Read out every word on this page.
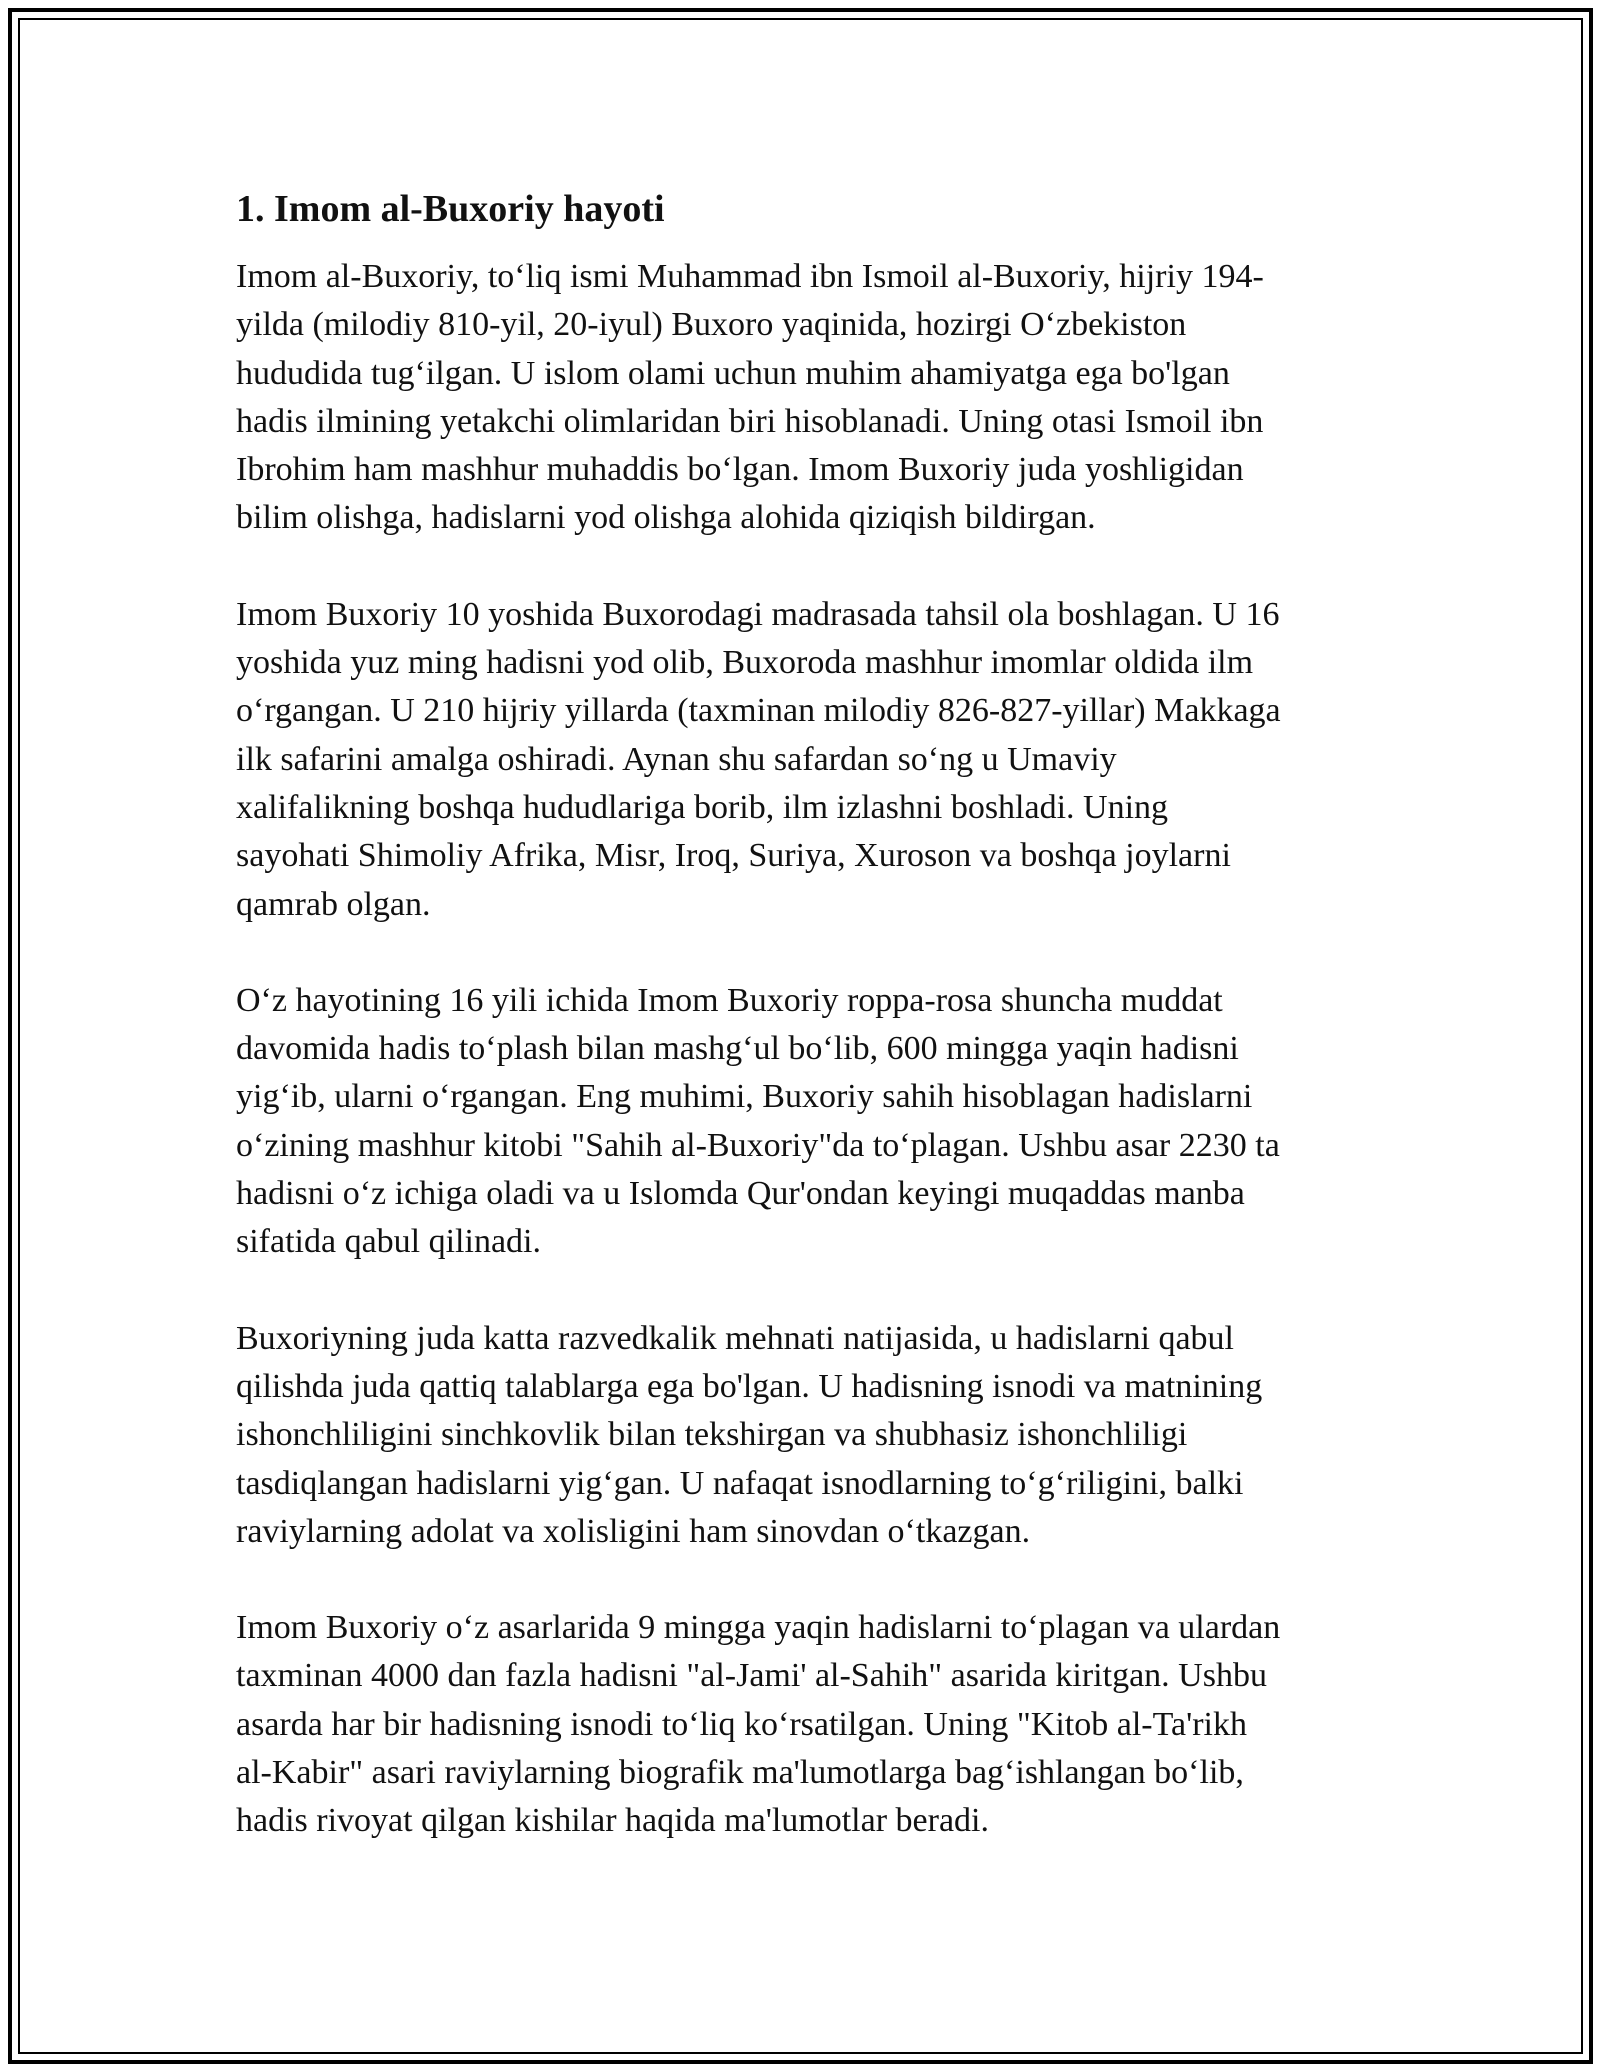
1. Imom al-Buxoriy hayoti

Imom al-Buxoriy, to‘liq ismi Muhammad ibn Ismoil al-Buxoriy, hijriy 194-
yilda (milodiy 810-yil, 20-iyul) Buxoro yaqinida, hozirgi O‘zbekiston
hududida tug‘ilgan. U islom olami uchun muhim ahamiyatga ega bo'lgan
hadis ilmining yetakchi olimlaridan biri hisoblanadi. Uning otasi Ismoil ibn
Ibrohim ham mashhur muhaddis bo‘lgan. Imom Buxoriy juda yoshligidan
bilim olishga, hadislarni yod olishga alohida qiziqish bildirgan.

Imom Buxoriy 10 yoshida Buxorodagi madrasada tahsil ola boshlagan. U 16
yoshida yuz ming hadisni yod olib, Buxoroda mashhur imomlar oldida ilm
o‘rgangan. U 210 hijriy yillarda (taxminan milodiy 826-827-yillar) Makkaga
ilk safarini amalga oshiradi. Aynan shu safardan so‘ng u Umaviy
xalifalikning boshqa hududlariga borib, ilm izlashni boshladi. Uning
sayohati Shimoliy Afrika, Misr, Iroq, Suriya, Xuroson va boshqa joylarni
qamrab olgan.

O‘z hayotining 16 yili ichida Imom Buxoriy roppa-rosa shuncha muddat
davomida hadis to‘plash bilan mashg‘ul bo‘lib, 600 mingga yaqin hadisni
yig‘ib, ularni o‘rgangan. Eng muhimi, Buxoriy sahih hisoblagan hadislarni
o‘zining mashhur kitobi "Sahih al-Buxoriy"da to‘plagan. Ushbu asar 2230 ta
hadisni o‘z ichiga oladi va u Islomda Qur'ondan keyingi muqaddas manba
sifatida qabul qilinadi.

Buxoriyning juda katta razvedkalik mehnati natijasida, u hadislarni qabul
qilishda juda qattiq talablarga ega bo'lgan. U hadisning isnodi va matnining
ishonchliligini sinchkovlik bilan tekshirgan va shubhasiz ishonchliligi
tasdiqlangan hadislarni yig‘gan. U nafaqat isnodlarning to‘g‘riligini, balki
raviylarning adolat va xolisligini ham sinovdan o‘tkazgan.

Imom Buxoriy o‘z asarlarida 9 mingga yaqin hadislarni to‘plagan va ulardan
taxminan 4000 dan fazla hadisni "al-Jami' al-Sahih" asarida kiritgan. Ushbu
asarda har bir hadisning isnodi to‘liq ko‘rsatilgan. Uning "Kitob al-Ta'rikh
al-Kabir" asari raviylarning biografik ma'lumotlarga bag‘ishlangan bo‘lib,
hadis rivoyat qilgan kishilar haqida ma'lumotlar beradi.
